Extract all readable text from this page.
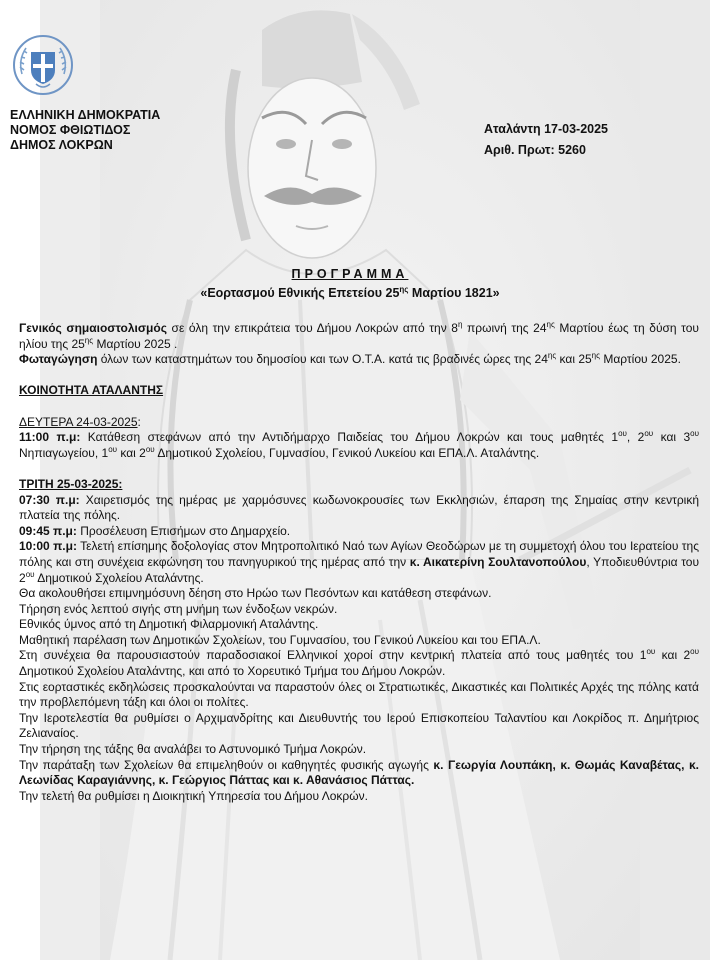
ΕΛΛΗΝΙΚΗ ΔΗΜΟΚΡΑΤΙΑ
ΝΟΜΟΣ ΦΘΙΩΤΙΔΟΣ
ΔΗΜΟΣ ΛΟΚΡΩΝ
Αταλάντη 17-03-2025
Αριθ. Πρωτ: 5260
ΠΡΟΓΡΑΜΜΑ
«Εορτασμού Εθνικής Επετείου $25^{\eta\varsigma}$ Μαρτίου 1821»

Γενικός σημαιοστολισμός σε όλη την επικράτεια του Δήμου Λοκρών από την $8^\eta$ πρωινή της $24^{\eta\varsigma}$ Μαρτίου έως τη δύση του ηλίου της $25^{\eta\varsigma}$ Μαρτίου 2025 .

Φωταγώγηση όλων των καταστημάτων του δημοσίου και των Ο.Τ.Α. κατά τις βραδινές ώρες της $24^{\eta\varsigma}$ και $25^{\eta\varsigma}$ Μαρτίου 2025.

ΚΟΙΝΟΤΗΤΑ ΑΤΑΛΑΝΤΗΣ

ΔΕΥΤΕΡΑ 24-03-2025:

11:00 π.μ: Κατάθεση στεφάνων από την Αντιδήμαρχο Παιδείας του Δήμου Λοκρών και τους μαθητές $1^{o\upsilon}$, $2^{o\upsilon}$ και $3^{o\upsilon}$ Νηπιαγωγείου, $1^{o\upsilon}$ και $2^{o\upsilon}$ Δημοτικού Σχολείου, Γυμνασίου, Γενικού Λυκείου και ΕΠΑ.Λ. Αταλάντης.

ΤΡΙΤΗ 25-03-2025:

07:30 π.μ: Χαιρετισμός της ημέρας με χαρμόσυνες κωδωνοκρουσίες των Εκκλησιών, έπαρση της Σημαίας στην κεντρική πλατεία της πόλης.

09:45 π.μ: Προσέλευση Επισήμων στο Δημαρχείο.

10:00 π.μ: Τελετή επίσημης δοξολογίας στον Μητροπολιτικό Ναό των Αγίων Θεοδώρων με τη συμμετοχή όλου του Ιερατείου της πόλης και στη συνέχεια εκφώνηση του πανηγυρικού της ημέρας από την κ. Αικατερίνη Σουλτανοπούλου, Υποδιευθύντρια του $2^{o\upsilon}$ Δημοτικού Σχολείου Αταλάντης.

Θα ακολουθήσει επιμνημόσυνη δέηση στο Ηρώο των Πεσόντων και κατάθεση στεφάνων.

Τήρηση ενός λεπτού σιγής στη μνήμη των ένδοξων νεκρών.

Εθνικός ύμνος από τη Δημοτική Φιλαρμονική Αταλάντης.

Μαθητική παρέλαση των Δημοτικών Σχολείων, του Γυμνασίου, του Γενικού Λυκείου και του ΕΠΑ.Λ.

Στη συνέχεια θα παρουσιαστούν παραδοσιακοί Ελληνικοί χοροί στην κεντρική πλατεία από τους μαθητές του $1^{o\upsilon}$ και $2^{o\upsilon}$ Δημοτικού Σχολείου Αταλάντης, και από το Χορευτικό Τμήμα του Δήμου Λοκρών.

Στις εορταστικές εκδηλώσεις προσκαλούνται να παραστούν όλες οι Στρατιωτικές, Δικαστικές και Πολιτικές Αρχές της πόλης κατά την προβλεπόμενη τάξη και όλοι οι πολίτες.

Την Ιεροτελεστία θα ρυθμίσει ο Αρχιμανδρίτης και Διευθυντής του Ιερού Επισκοπείου Ταλαντίου και Λοκρίδος π. Δημήτριος Ζελιαναίος.

Την τήρηση της τάξης θα αναλάβει το Αστυνομικό Τμήμα Λοκρών.

Την παράταξη των Σχολείων θα επιμεληθούν οι καθηγητές φυσικής αγωγής κ. Γεωργία Λουπάκη, κ. Θωμάς Καναβέτας, κ. Λεωνίδας Καραγιάννης, κ. Γεώργιος Πάττας και κ. Αθανάσιος Πάττας.

Την τελετή θα ρυθμίσει η Διοικητική Υπηρεσία του Δήμου Λοκρών.
